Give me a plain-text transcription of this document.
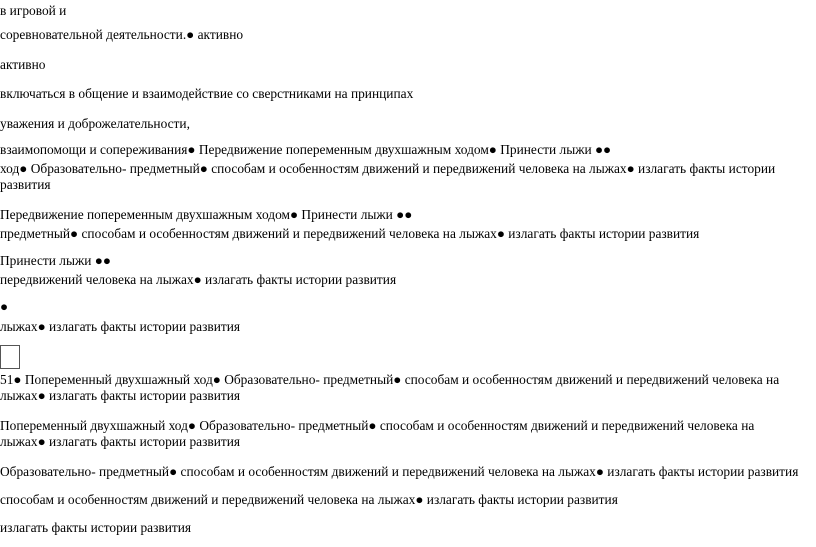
в игровой и
соревновательной деятельности.● активно
активно
включаться в общение и взаимодействие со сверстниками на принципах
уважения и доброжелательности,
взаимопомощи и сопереживания● Передвижение попеременным двухшажным ходом● Принести лыжи ●●
ход● Образовательно- предметный● способам и особенностям движений и передвижений человека на лыжах● излагать факты истории развития
Передвижение попеременным двухшажным ходом● Принести лыжи ●●
предметный● способам и особенностям движений и передвижений человека на лыжах● излагать факты истории развития
Принести лыжи ●●
передвижений человека на лыжах● излагать факты истории развития
●
лыжах● излагать факты истории развития
51● Попеременный двухшажный ход● Образовательно- предметный● способам и особенностям движений и передвижений человека на лыжах● излагать факты истории развития
Попеременный двухшажный ход● Образовательно- предметный● способам и особенностям движений и передвижений человека на лыжах● излагать факты истории развития
Образовательно- предметный● способам и особенностям движений и передвижений человека на лыжах● излагать факты истории развития
способам и особенностям движений и передвижений человека на лыжах● излагать факты истории развития
излагать факты истории развития
